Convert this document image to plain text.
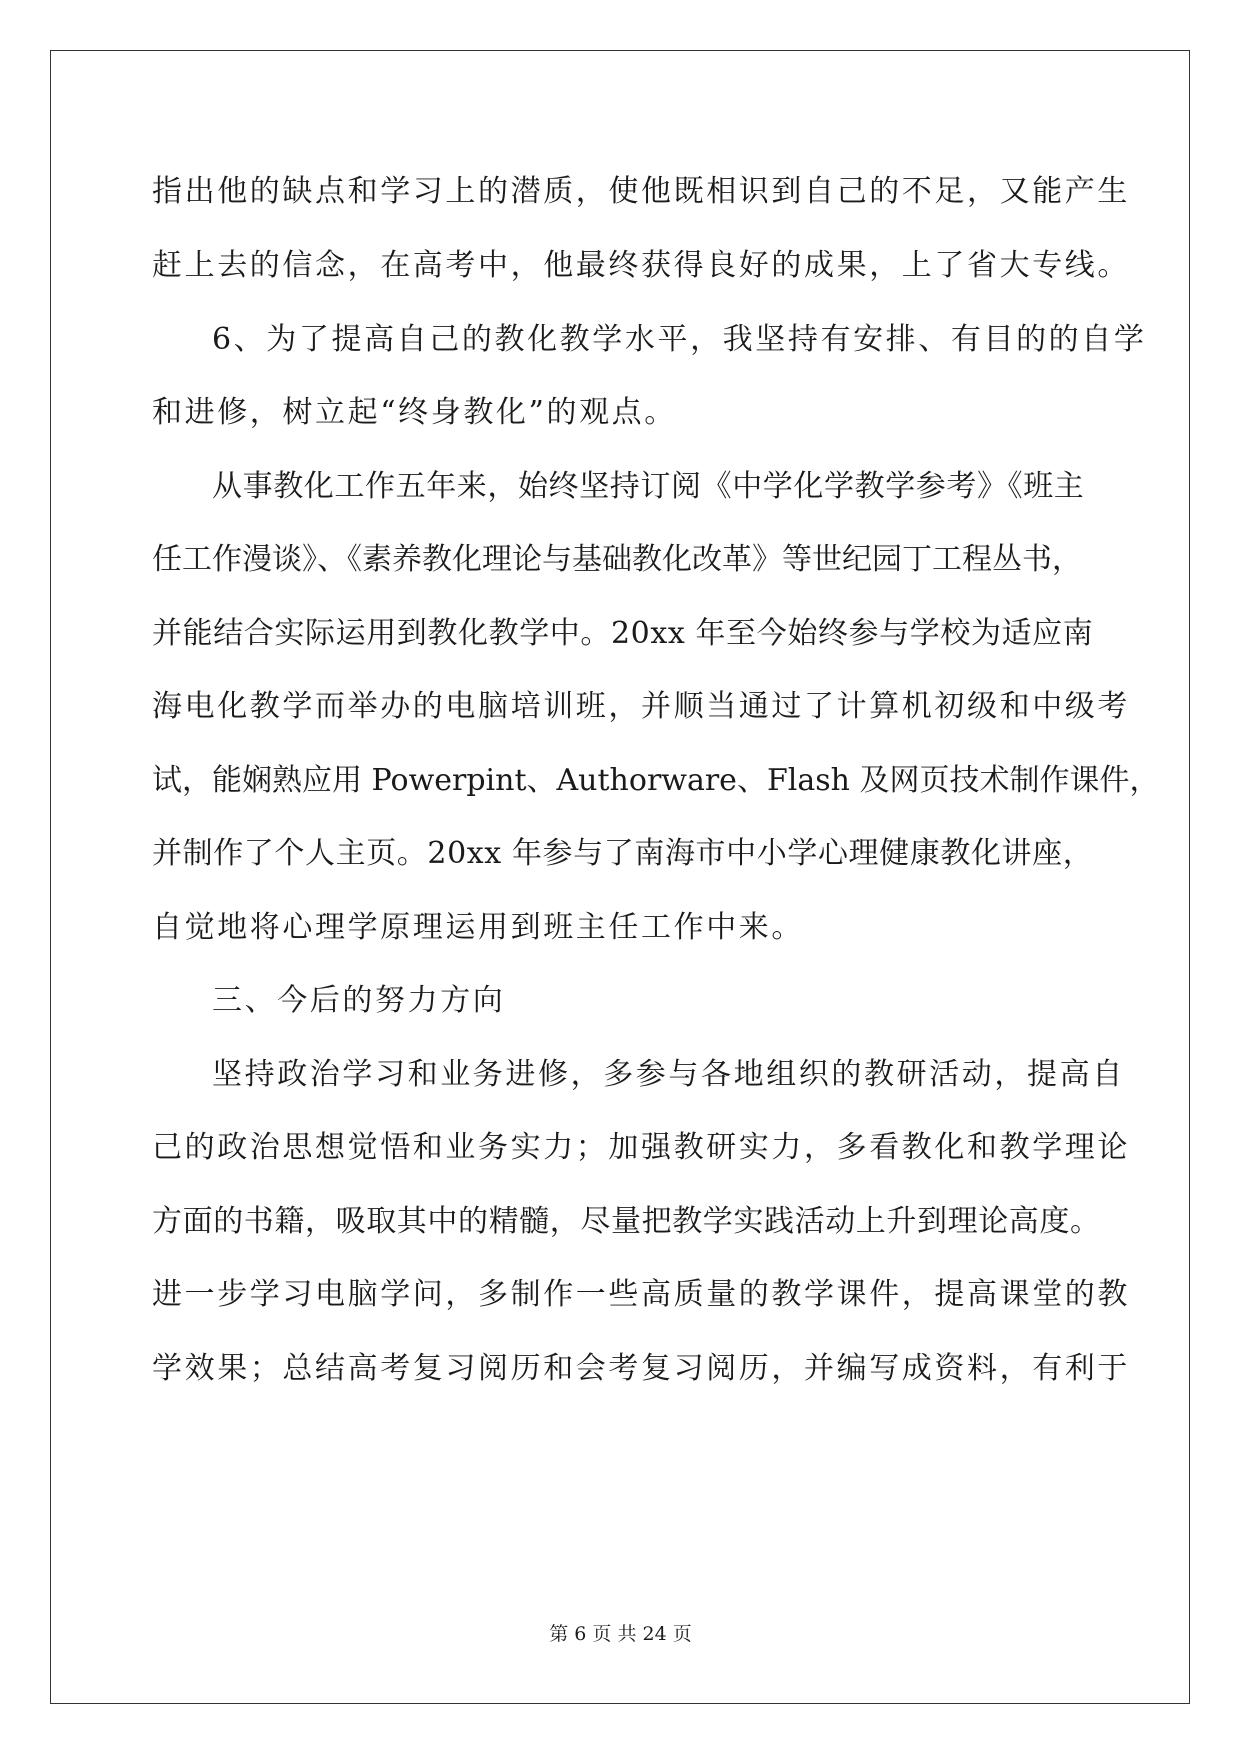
指出他的缺点和学习上的潜质，使他既相识到自己的不足，又能产生
赶上去的信念，在高考中，他最终获得良好的成果，上了省大专线。
6、为了提高自己的教化教学水平，我坚持有安排、有目的的自学
和进修，树立起“终身教化”的观点。
从事教化工作五年来，始终坚持订阅《中学化学教学参考》《班主
任工作漫谈》、《素养教化理论与基础教化改革》等世纪园丁工程丛书，
并能结合实际运用到教化教学中。20xx 年至今始终参与学校为适应南
海电化教学而举办的电脑培训班，并顺当通过了计算机初级和中级考
试，能娴熟应用 Powerpint、Authorware、Flash 及网页技术制作课件，
并制作了个人主页。20xx 年参与了南海市中小学心理健康教化讲座，
自觉地将心理学原理运用到班主任工作中来。
三、今后的努力方向
坚持政治学习和业务进修，多参与各地组织的教研活动，提高自
己的政治思想觉悟和业务实力；加强教研实力，多看教化和教学理论
方面的书籍，吸取其中的精髓，尽量把教学实践活动上升到理论高度。
进一步学习电脑学问，多制作一些高质量的教学课件，提高课堂的教
学效果；总结高考复习阅历和会考复习阅历，并编写成资料，有利于
第 6 页 共 24 页
